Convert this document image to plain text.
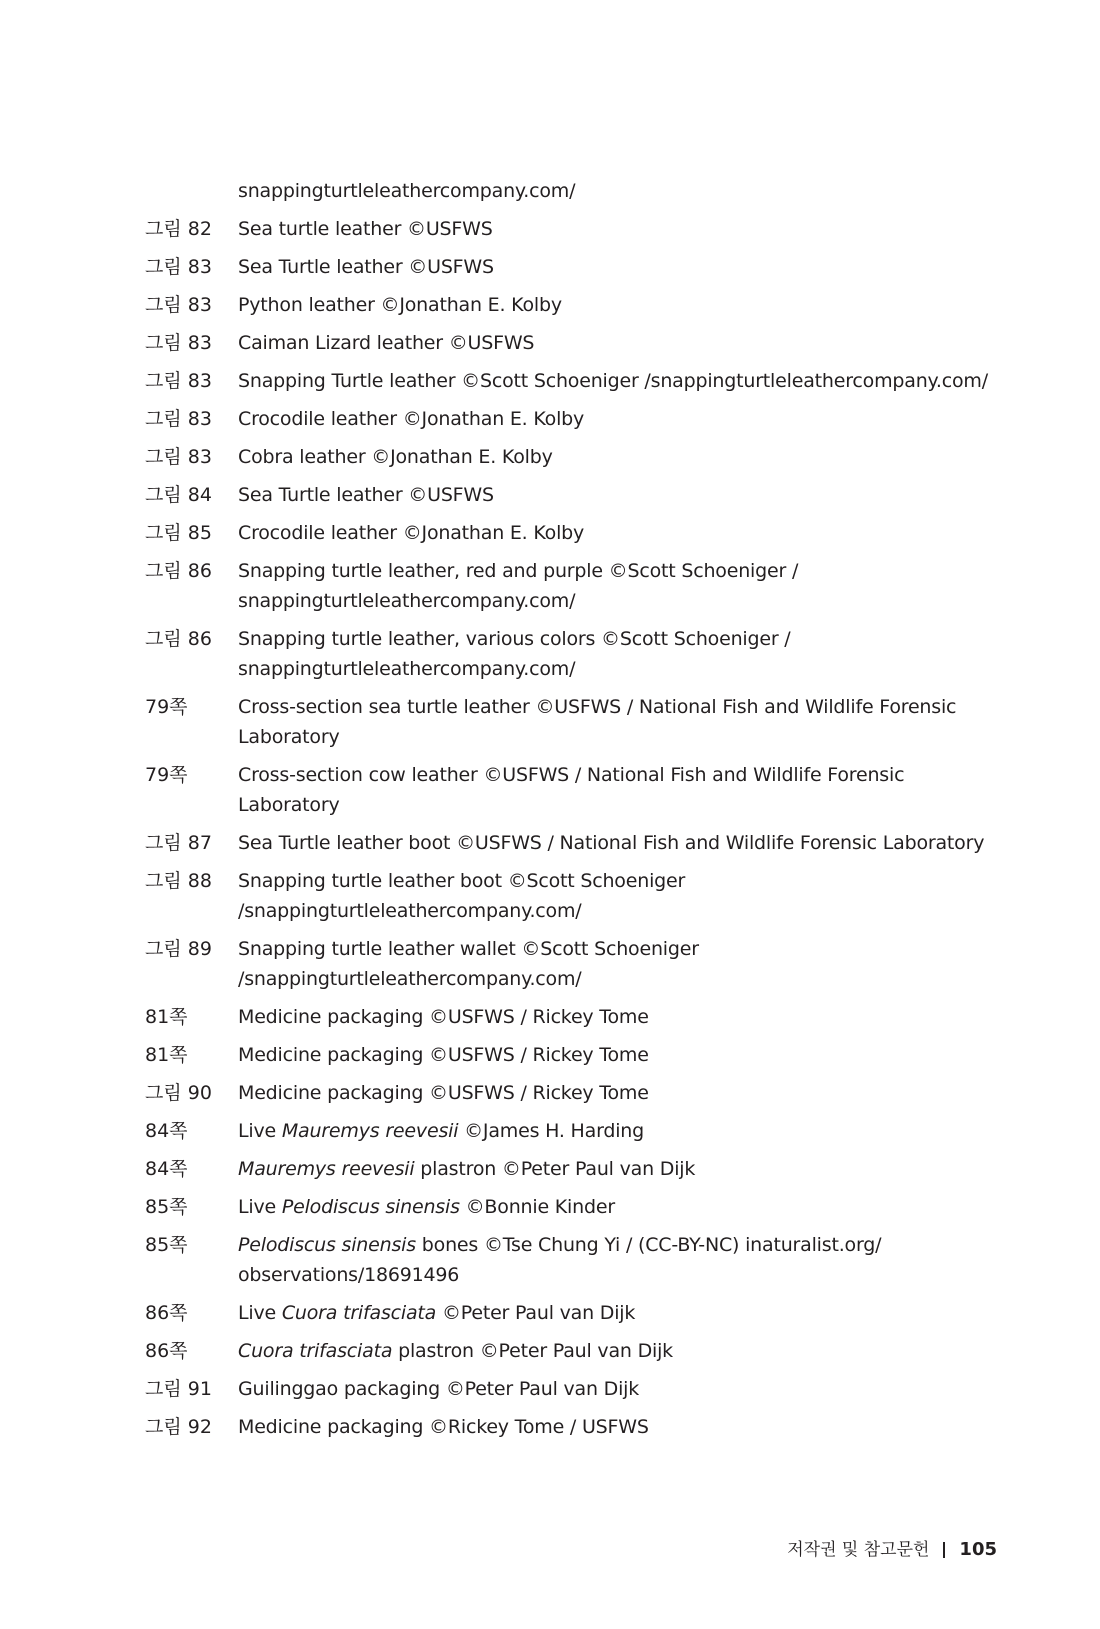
snappingturtleleathercompany.com/
그림 82	Sea turtle leather ©USFWS
그림 83	Sea Turtle leather ©USFWS
그림 83	Python leather ©Jonathan E. Kolby
그림 83	Caiman Lizard leather ©USFWS
그림 83	Snapping Turtle leather ©Scott Schoeniger /snappingturtleleathercompany.com/
그림 83	Crocodile leather ©Jonathan E. Kolby
그림 83	Cobra leather ©Jonathan E. Kolby
그림 84	Sea Turtle leather ©USFWS
그림 85	Crocodile leather ©Jonathan E. Kolby
그림 86	Snapping turtle leather, red and purple ©Scott Schoeniger / snappingturtleleathercompany.com/
그림 86	Snapping turtle leather, various colors ©Scott Schoeniger / snappingturtleleathercompany.com/
79쪽	Cross-section sea turtle leather ©USFWS / National Fish and Wildlife Forensic Laboratory
79쪽	Cross-section cow leather ©USFWS / National Fish and Wildlife Forensic Laboratory
그림 87	Sea Turtle leather boot ©USFWS / National Fish and Wildlife Forensic Laboratory
그림 88	Snapping turtle leather boot ©Scott Schoeniger /snappingturtleleathercompany.com/
그림 89	Snapping turtle leather wallet ©Scott Schoeniger /snappingturtleleathercompany.com/
81쪽	Medicine packaging ©USFWS / Rickey Tome
81쪽	Medicine packaging ©USFWS / Rickey Tome
그림 90	Medicine packaging ©USFWS / Rickey Tome
84쪽	Live Mauremys reevesii ©James H. Harding
84쪽	Mauremys reevesii plastron ©Peter Paul van Dijk
85쪽	Live Pelodiscus sinensis ©Bonnie Kinder
85쪽	Pelodiscus sinensis bones ©Tse Chung Yi / (CC-BY-NC) inaturalist.org/ observations/18691496
86쪽	Live Cuora trifasciata ©Peter Paul van Dijk
86쪽	Cuora trifasciata plastron ©Peter Paul van Dijk
그림 91	Guilinggao packaging ©Peter Paul van Dijk
그림 92	Medicine packaging ©Rickey Tome / USFWS
저작권 및 참고문헌 105
